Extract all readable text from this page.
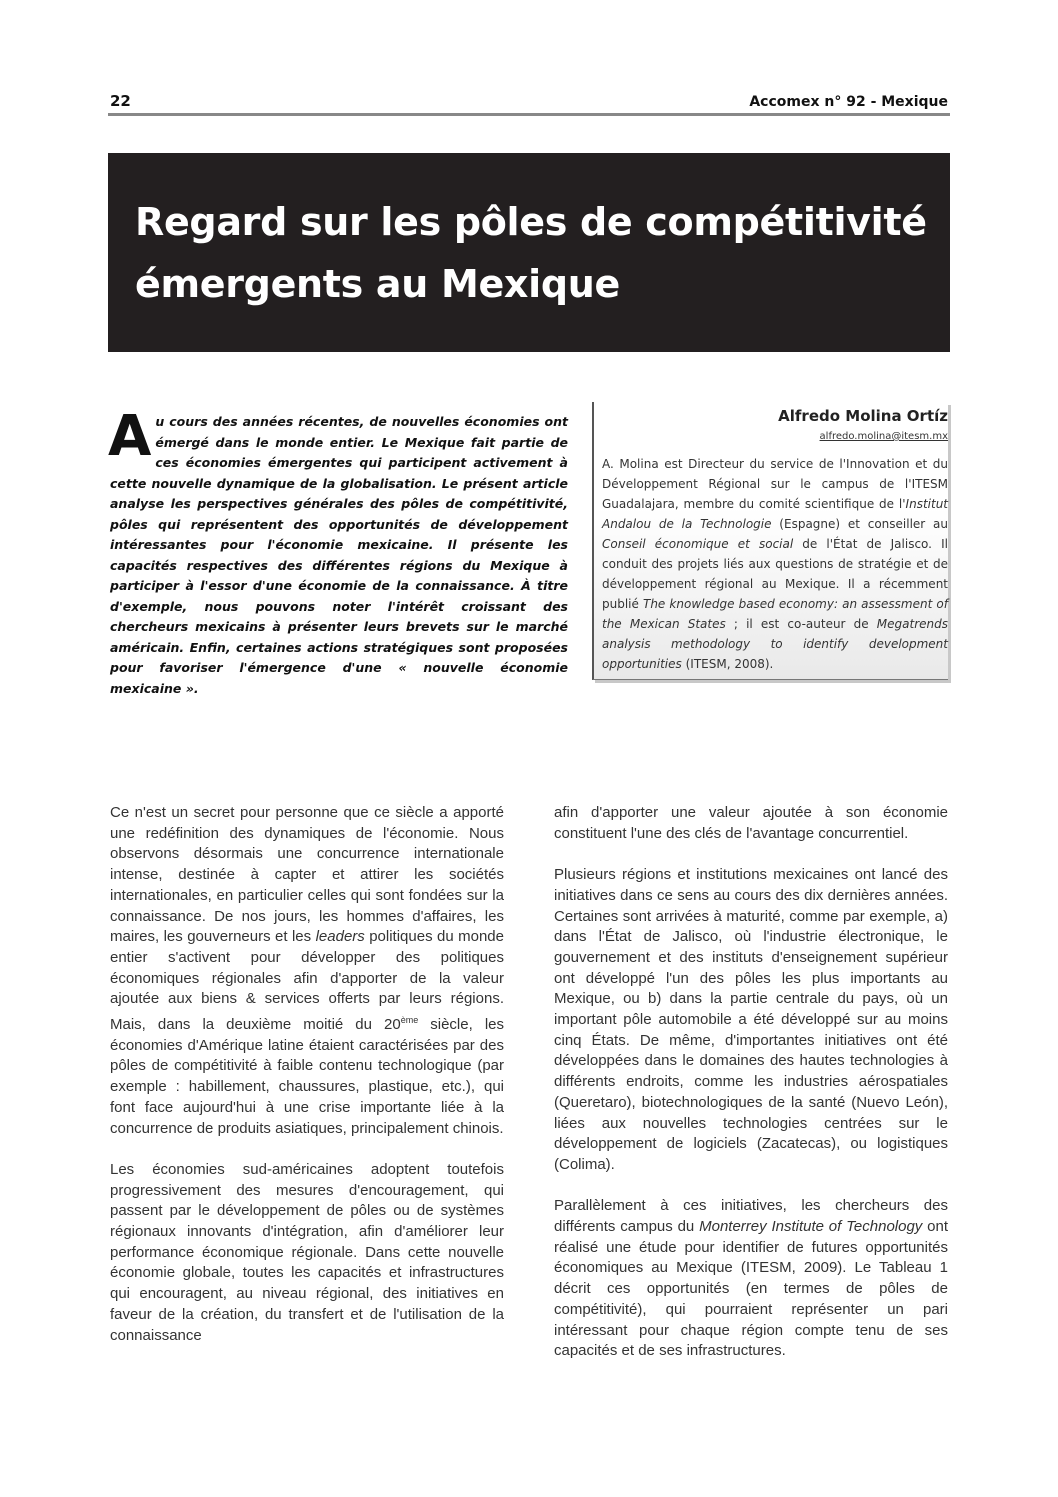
22	Accomex n° 92 - Mexique
Regard sur les pôles de compétitivité
émergents au Mexique

Au cours des années récentes, de nouvelles économies ont émergé dans le monde entier. Le Mexique fait partie de ces économies émergentes qui participent activement à cette nouvelle dynamique de la globalisation. Le présent article analyse les perspectives générales des pôles de compétitivité, pôles qui représentent des opportunités de développement intéressantes pour l'économie mexicaine. Il présente les capacités respectives des différentes régions du Mexique à participer à l'essor d'une économie de la connaissance. À titre d'exemple, nous pouvons noter l'intérêt croissant des chercheurs mexicains à présenter leurs brevets sur le marché américain. Enfin, certaines actions stratégiques sont proposées pour favoriser l'émergence d'une « nouvelle économie mexicaine ».

Alfredo Molina Ortíz

alfredo.molina@itesm.mx

A. Molina est Directeur du service de l'Innovation et du Développement Régional sur le campus de l'ITESM Guadalajara, membre du comité scientifique de l'Institut Andalou de la Technologie (Espagne) et conseiller au Conseil économique et social de l'État de Jalisco. Il conduit des projets liés aux questions de stratégie et de développement régional au Mexique. Il a récemment publié The knowledge based economy: an assessment of the Mexican States ; il est co-auteur de Megatrends analysis methodology to identify development opportunities (ITESM, 2008).

Ce n'est un secret pour personne que ce siècle a apporté une redéfinition des dynamiques de l'économie. Nous observons désormais une concurrence internationale intense, destinée à capter et attirer les sociétés internationales, en particulier celles qui sont fondées sur la connaissance. De nos jours, les hommes d'affaires, les maires, les gouverneurs et les leaders politiques du monde entier s'activent pour développer des politiques économiques régionales afin d'apporter de la valeur ajoutée aux biens & services offerts par leurs régions. Mais, dans la deuxième moitié du 20ème siècle, les économies d'Amérique latine étaient caractérisées par des pôles de compétitivité à faible contenu technologique (par exemple : habillement, chaussures, plastique, etc.), qui font face aujourd'hui à une crise importante liée à la concurrence de produits asiatiques, principalement chinois.

Les économies sud-américaines adoptent toutefois progressivement des mesures d'encouragement, qui passent par le développement de pôles ou de systèmes régionaux innovants d'intégration, afin d'améliorer leur performance économique régionale. Dans cette nouvelle économie globale, toutes les capacités et infrastructures qui encouragent, au niveau régional, des initiatives en faveur de la création, du transfert et de l'utilisation de la connaissance

afin d'apporter une valeur ajoutée à son économie constituent l'une des clés de l'avantage concurrentiel.

Plusieurs régions et institutions mexicaines ont lancé des initiatives dans ce sens au cours des dix dernières années. Certaines sont arrivées à maturité, comme par exemple, a) dans l'État de Jalisco, où l'industrie électronique, le gouvernement et des instituts d'enseignement supérieur ont développé l'un des pôles les plus importants au Mexique, ou b) dans la partie centrale du pays, où un important pôle automobile a été développé sur au moins cinq États. De même, d'importantes initiatives ont été développées dans le domaines des hautes technologies à différents endroits, comme les industries aérospatiales (Queretaro), biotechnologiques de la santé (Nuevo León), liées aux nouvelles technologies centrées sur le développement de logiciels (Zacatecas), ou logistiques (Colima).

Parallèlement à ces initiatives, les chercheurs des différents campus du Monterrey Institute of Technology ont réalisé une étude pour identifier de futures opportunités économiques au Mexique (ITESM, 2009). Le Tableau 1 décrit ces opportunités (en termes de pôles de compétitivité), qui pourraient représenter un pari intéressant pour chaque région compte tenu de ses capacités et de ses infrastructures.
